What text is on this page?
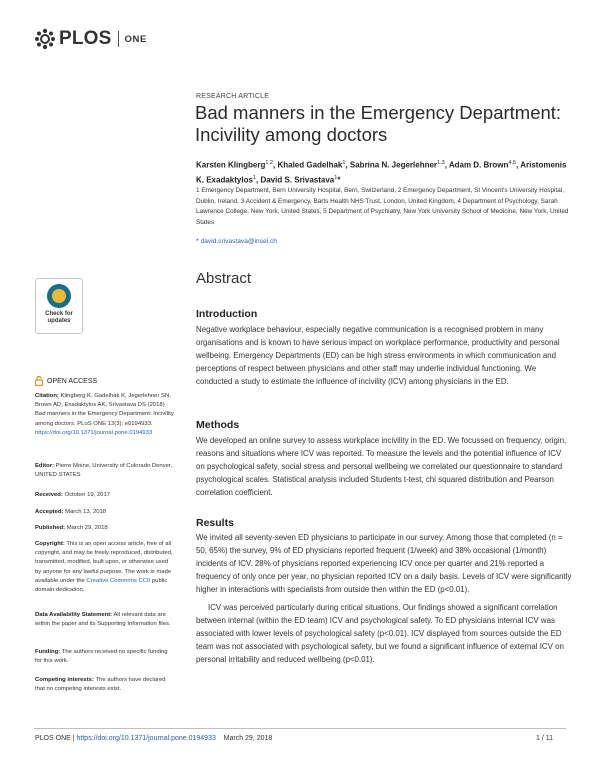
PLOS ONE
RESEARCH ARTICLE
Bad manners in the Emergency Department: Incivility among doctors
Karsten Klingberg$^{1,2}$, Khaled Gadelhak$^1$, Sabrina N. Jegerlehner$^{1,3}$, Adam D. Brown$^{4,5}$, Aristomenis K. Exadaktylos$^1$, David S. Srivastava$^1$*
1 Emergency Department, Bern University Hospital, Bern, Switzerland, 2 Emergency Department, St Vincent's University Hospital, Dublin, Ireland, 3 Accident & Emergency, Barts Health NHS Trust, London, United Kingdom, 4 Department of Psychology, Sarah Lawrence College, New York, United States, 5 Department of Psychiatry, New York University School of Medicine, New York, United States
* david.srivastava@insel.ch
Check for updates
OPEN ACCESS
Citation: Klingberg K, Gadelhak K, Jegerlehner SN, Brown AD, Exadaktylos AK, Srivastava DS (2018) Bad manners in the Emergency Department: Incivility among doctors. PLoS ONE 13(3): e0194933. https://doi.org/10.1371/journal.pone.0194933
Editor: Pierre Moine, University of Colorado Denver, UNITED STATES
Received: October 19, 2017
Accepted: March 13, 2018
Published: March 29, 2018
Copyright: This is an open access article, free of all copyright, and may be freely reproduced, distributed, transmitted, modified, built upon, or otherwise used by anyone for any lawful purpose. The work is made available under the Creative Commons CC0 public domain dedication.
Data Availability Statement: All relevant data are within the paper and its Supporting Information files.
Funding: The authors received no specific funding for this work.
Competing interests: The authors have declared that no competing interests exist.
Abstract
Introduction
Negative workplace behaviour, especially negative communication is a recognised problem in many organisations and is known to have serious impact on workplace performance, productivity and personal wellbeing. Emergency Departments (ED) can be high stress environments in which communication and perceptions of respect between physicians and other staff may underlie individual functioning. We conducted a study to estimate the influence of incivility (ICV) among physicians in the ED.
Methods
We developed an online survey to assess workplace incivility in the ED. We focussed on frequency, origin, reasons and situations where ICV was reported. To measure the levels and the potential influence of ICV on psychological safety, social stress and personal wellbeing we correlated our questionnaire to standard psychological scales. Statistical analysis included Students t-test, chi squared distribution and Pearson correlation coefficient.
Results
We invited all seventy-seven ED physicians to participate in our survey. Among those that completed (n = 50, 65%) the survey, 9% of ED physicians reported frequent (1/week) and 38% occasional (1/month) incidents of ICV. 28% of physicians reported experiencing ICV once per quarter and 21% reported a frequency of only once per year, no physician reported ICV on a daily basis. Levels of ICV were significantly higher in interactions with specialists from outside then within the ED (p<0.01).
ICV was perceived particularly during critical situations. Our findings showed a significant correlation between internal (within the ED team) ICV and psychological safety. To ED physicians internal ICV was associated with lower levels of psychological safety (p<0.01). ICV displayed from sources outside the ED team was not associated with psychological safety, but we found a significant influence of external ICV on personal irritability and reduced wellbeing (p<0.01).
PLOS ONE | https://doi.org/10.1371/journal.pone.0194933 March 29, 2018	1 / 11
